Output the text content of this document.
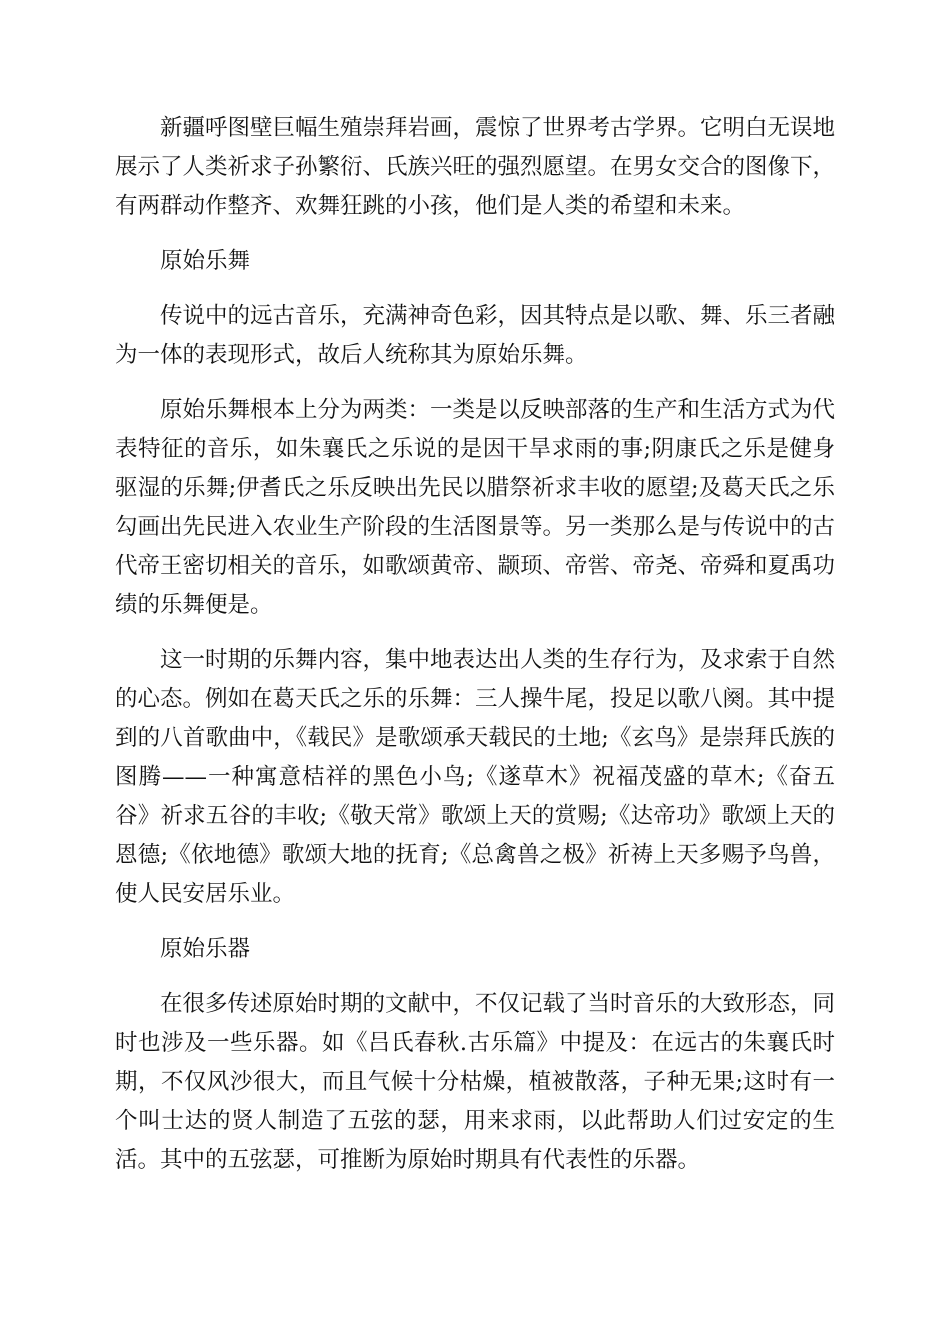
新疆呼图壁巨幅生殖崇拜岩画，震惊了世界考古学界。它明白无误地展示了人类祈求子孙繁衍、氏族兴旺的强烈愿望。在男女交合的图像下，有两群动作整齐、欢舞狂跳的小孩，他们是人类的希望和未来。

原始乐舞

传说中的远古音乐，充满神奇色彩，因其特点是以歌、舞、乐三者融为一体的表现形式，故后人统称其为原始乐舞。

原始乐舞根本上分为两类：一类是以反映部落的生产和生活方式为代表特征的音乐，如朱襄氏之乐说的是因干旱求雨的事;阴康氏之乐是健身驱湿的乐舞;伊耆氏之乐反映出先民以腊祭祈求丰收的愿望;及葛天氏之乐勾画出先民进入农业生产阶段的生活图景等。另一类那么是与传说中的古代帝王密切相关的音乐，如歌颂黄帝、颛顼、帝喾、帝尧、帝舜和夏禹功绩的乐舞便是。

这一时期的乐舞内容，集中地表达出人类的生存行为，及求索于自然的心态。例如在葛天氏之乐的乐舞：三人操牛尾，投足以歌八阕。其中提到的八首歌曲中，《载民》是歌颂承天载民的土地;《玄鸟》是崇拜氏族的图腾——一种寓意桔祥的黑色小鸟;《遂草木》祝福茂盛的草木;《奋五谷》祈求五谷的丰收;《敬天常》歌颂上天的赏赐;《达帝功》歌颂上天的恩德;《依地德》歌颂大地的抚育;《总禽兽之极》祈祷上天多赐予鸟兽，使人民安居乐业。

原始乐器

在很多传述原始时期的文献中，不仅记载了当时音乐的大致形态，同时也涉及一些乐器。如《吕氏春秋.古乐篇》中提及：在远古的朱襄氏时期，不仅风沙很大，而且气候十分枯燥，植被散落，子种无果;这时有一个叫士达的贤人制造了五弦的瑟，用来求雨，以此帮助人们过安定的生活。其中的五弦瑟，可推断为原始时期具有代表性的乐器。
